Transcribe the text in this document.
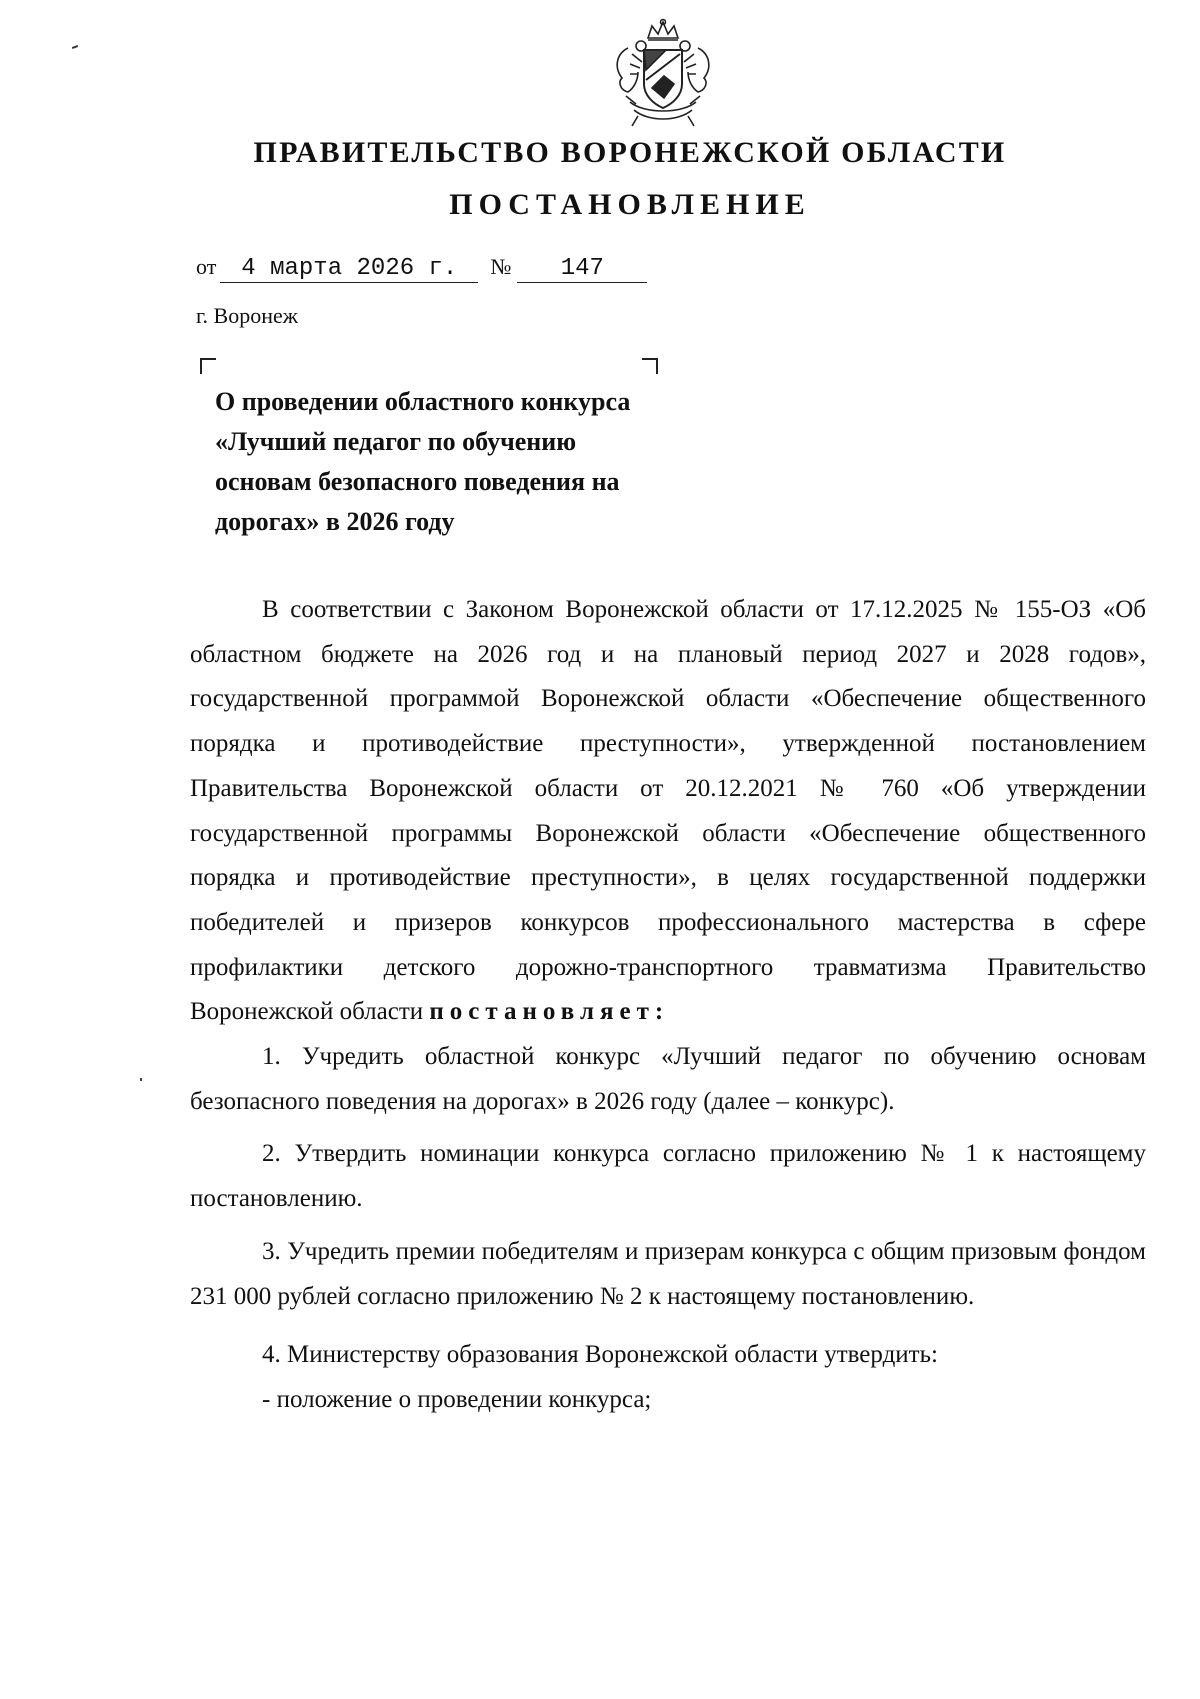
ПРАВИТЕЛЬСТВО ВОРОНЕЖСКОЙ ОБЛАСТИ
ПОСТАНОВЛЕНИЕ
от 4 марта 2026 г. № 147
г. Воронеж
О проведении областного конкурса «Лучший педагог по обучению основам безопасного поведения на дорогах» в 2026 году

В соответствии с Законом Воронежской области от 17.12.2025 № 155-ОЗ «Об областном бюджете на 2026 год и на плановый период 2027 и 2028 годов», государственной программой Воронежской области «Обеспечение общественного порядка и противодействие преступности», утвержденной постановлением Правительства Воронежской области от 20.12.2021 № 760 «Об утверждении государственной программы Воронежской области «Обеспечение общественного порядка и противодействие преступности», в целях государственной поддержки победителей и призеров конкурсов профессионального мастерства в сфере профилактики детского дорожно-транспортного травматизма Правительство Воронежской области постановляет:

1. Учредить областной конкурс «Лучший педагог по обучению основам безопасного поведения на дорогах» в 2026 году (далее – конкурс).

2. Утвердить номинации конкурса согласно приложению № 1 к настоящему постановлению.

3. Учредить премии победителям и призерам конкурса с общим призовым фондом 231 000 рублей согласно приложению № 2 к настоящему постановлению.

4. Министерству образования Воронежской области утвердить:

- положение о проведении конкурса;
